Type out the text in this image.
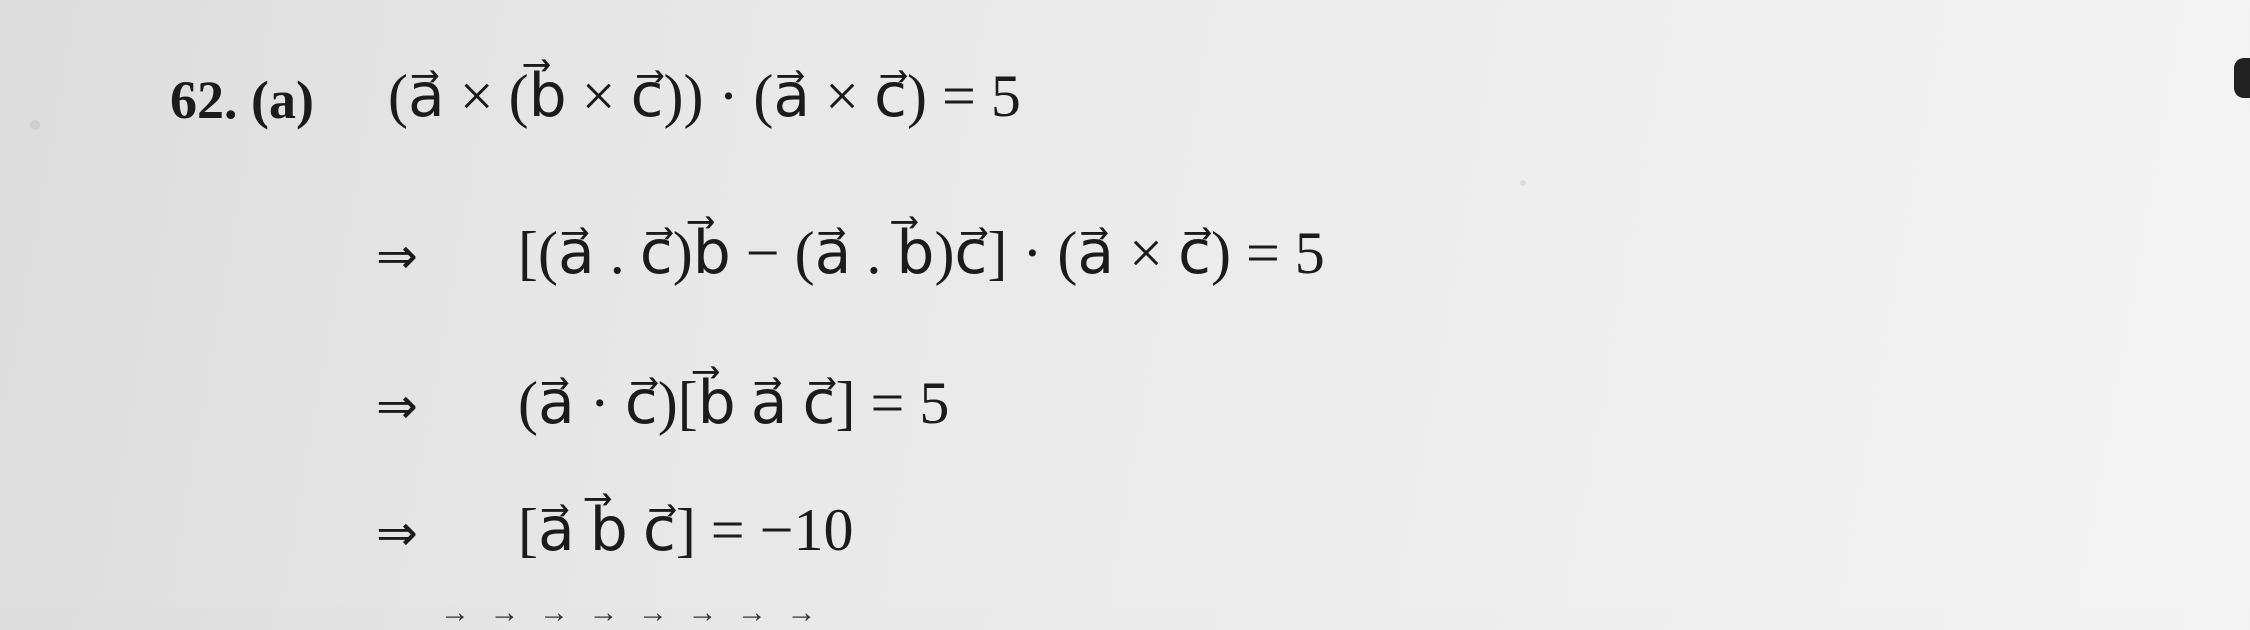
62. (a) (a⃗ × (b⃗ × c⃗)) · (a⃗ × c⃗) = 5
⇒ [(a⃗ . c⃗)b⃗ − (a⃗ . b⃗)c⃗] · (a⃗ × c⃗) = 5
⇒ (a⃗ · c⃗)[b⃗ a⃗ c⃗] = 5
⇒ [a⃗ b⃗ c⃗] = −10
→ → → → → → → →
